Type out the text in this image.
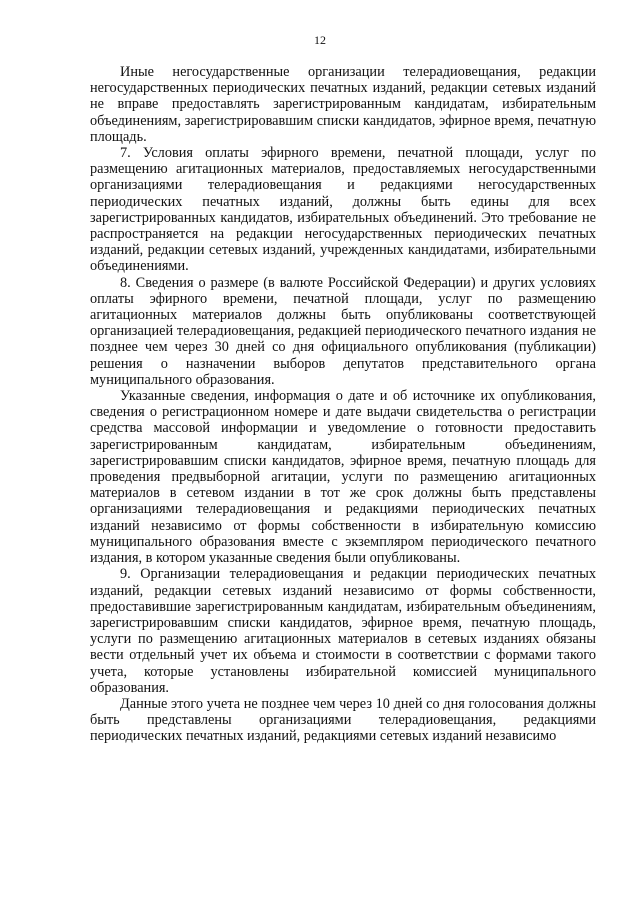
12

Иные негосударственные организации телерадиовещания, редакции негосударственных периодических печатных изданий, редакции сетевых изданий не вправе предоставлять зарегистрированным кандидатам, избирательным объединениям, зарегистрировавшим списки кандидатов, эфирное время, печатную площадь.

7. Условия оплаты эфирного времени, печатной площади, услуг по размещению агитационных материалов, предоставляемых негосударственными организациями телерадиовещания и редакциями негосударственных периодических печатных изданий, должны быть едины для всех зарегистрированных кандидатов, избирательных объединений. Это требование не распространяется на редакции негосударственных периодических печатных изданий, редакции сетевых изданий, учрежденных кандидатами, избирательными объединениями.

8. Сведения о размере (в валюте Российской Федерации) и других условиях оплаты эфирного времени, печатной площади, услуг по размещению агитационных материалов должны быть опубликованы соответствующей организацией телерадиовещания, редакцией периодического печатного издания не позднее чем через 30 дней со дня официального опубликования (публикации) решения о назначении выборов депутатов представительного органа муниципального образования.

Указанные сведения, информация о дате и об источнике их опубликования, сведения о регистрационном номере и дате выдачи свидетельства о регистрации средства массовой информации и уведомление о готовности предоставить зарегистрированным кандидатам, избирательным объединениям, зарегистрировавшим списки кандидатов, эфирное время, печатную площадь для проведения предвыборной агитации, услуги по размещению агитационных материалов в сетевом издании в тот же срок должны быть представлены организациями телерадиовещания и редакциями периодических печатных изданий независимо от формы собственности в избирательную комиссию муниципального образования вместе с экземпляром периодического печатного издания, в котором указанные сведения были опубликованы.

9. Организации телерадиовещания и редакции периодических печатных изданий, редакции сетевых изданий независимо от формы собственности, предоставившие зарегистрированным кандидатам, избирательным объединениям, зарегистрировавшим списки кандидатов, эфирное время, печатную площадь, услуги по размещению агитационных материалов в сетевых изданиях обязаны вести отдельный учет их объема и стоимости в соответствии с формами такого учета, которые установлены избирательной комиссией муниципального образования.

Данные этого учета не позднее чем через 10 дней со дня голосования должны быть представлены организациями телерадиовещания, редакциями периодических печатных изданий, редакциями сетевых изданий независимо
